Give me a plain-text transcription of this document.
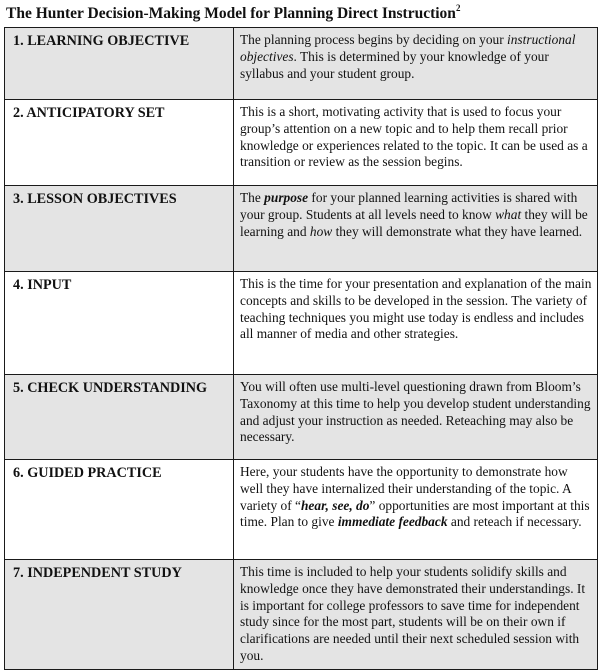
The Hunter Decision-Making Model for Planning Direct Instruction$^2$
1. LEARNING OBJECTIVE	The planning process begins by deciding on your instructional objectives. This is determined by your knowledge of your syllabus and your student group.
2. ANTICIPATORY SET	This is a short, motivating activity that is used to focus your group’s attention on a new topic and to help them recall prior knowledge or experiences related to the topic. It can be used as a transition or review as the session begins.
3. LESSON OBJECTIVES	The purpose for your planned learning activities is shared with your group. Students at all levels need to know what they will be learning and how they will demonstrate what they have learned.
4. INPUT	This is the time for your presentation and explanation of the main concepts and skills to be developed in the session. The variety of teaching techniques you might use today is endless and includes all manner of media and other strategies.
5. CHECK UNDERSTANDING	You will often use multi-level questioning drawn from Bloom’s Taxonomy at this time to help you develop student understanding and adjust your instruction as needed. Reteaching may also be necessary.
6. GUIDED PRACTICE	Here, your students have the opportunity to demonstrate how well they have internalized their understanding of the topic. A variety of “hear, see, do” opportunities are most important at this time. Plan to give immediate feedback and reteach if necessary.
7. INDEPENDENT STUDY	This time is included to help your students solidify skills and knowledge once they have demonstrated their understandings. It is important for college professors to save time for independent study since for the most part, students will be on their own if clarifications are needed until their next scheduled session with you.
